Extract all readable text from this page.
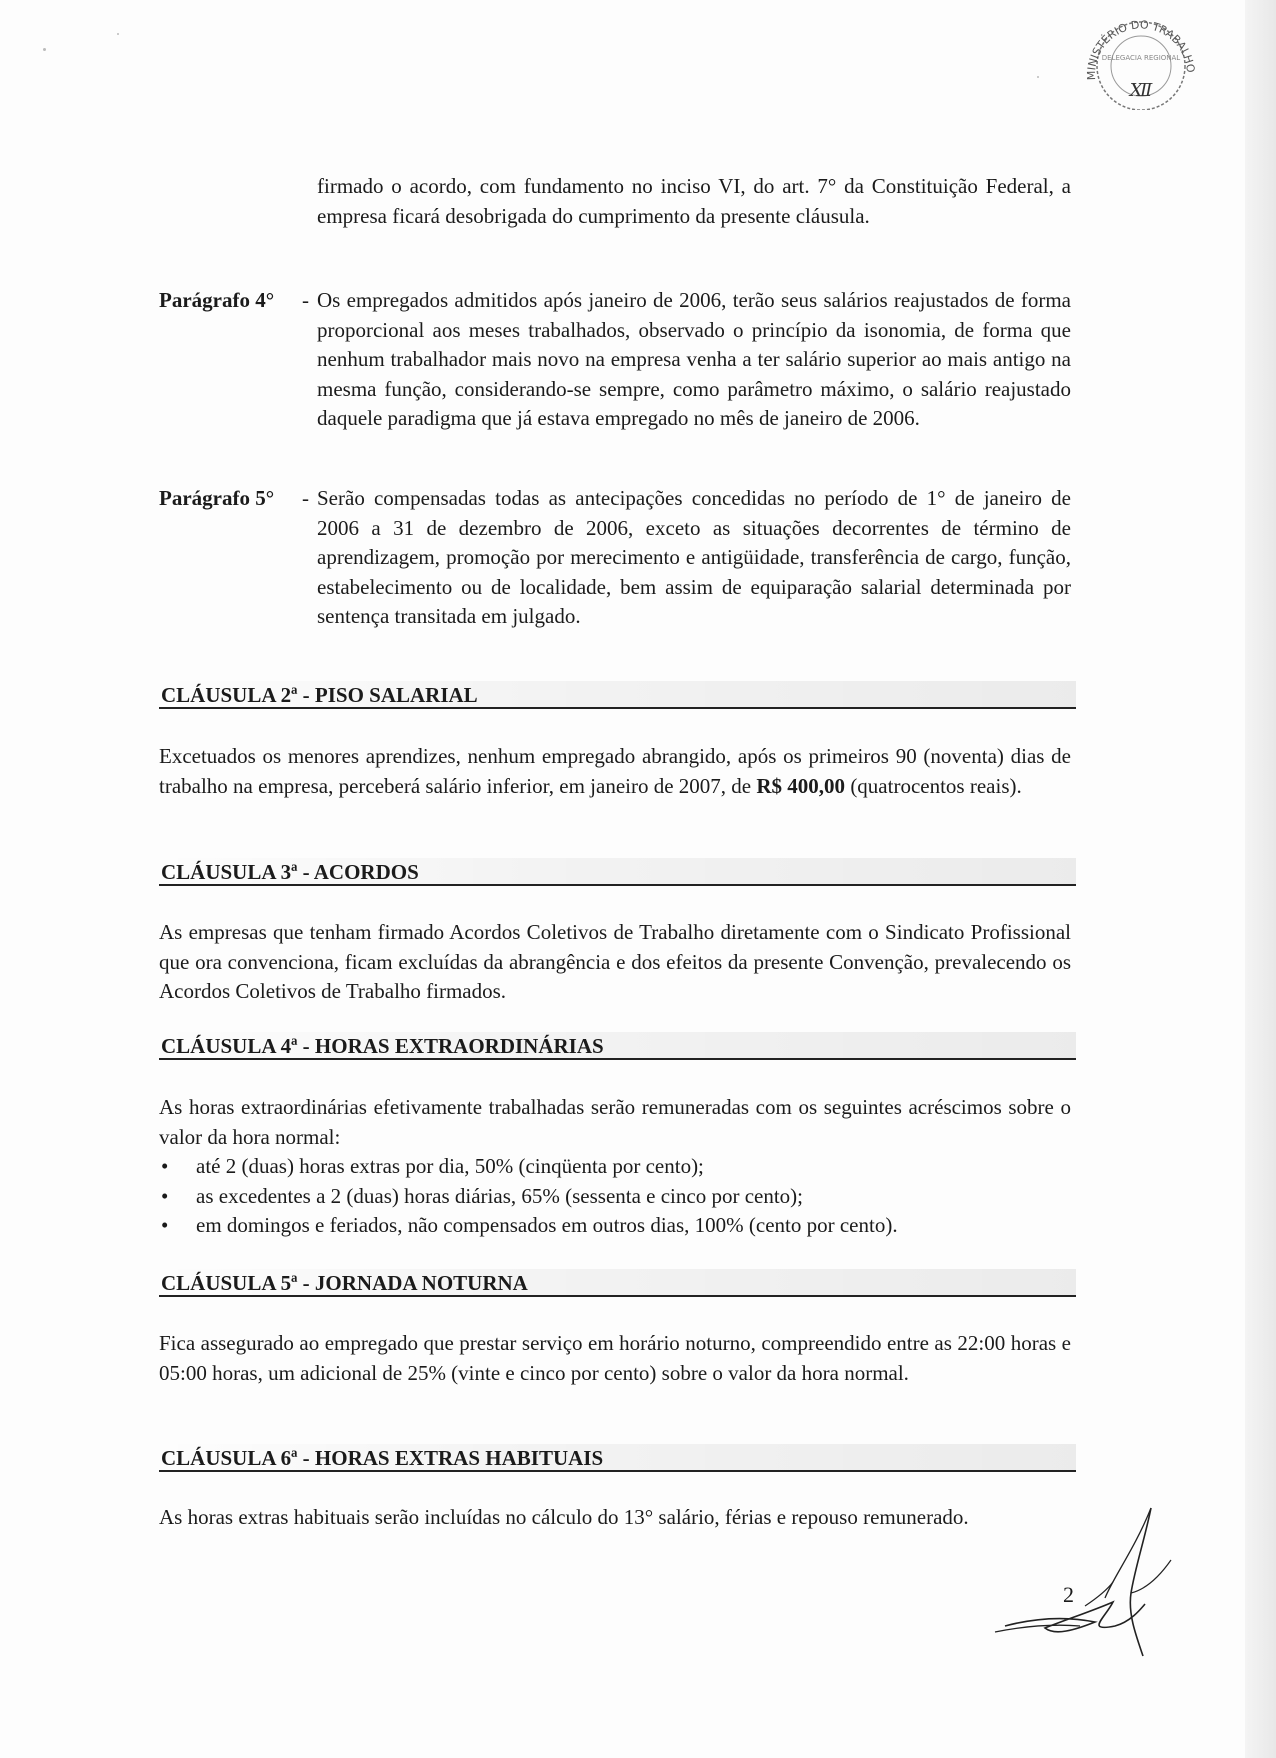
MINISTÉRIO DO TRABALHO
DELEGACIA REGIONAL
Ⅻ
firmado o acordo, com fundamento no inciso VI, do art. 7° da Constituição Federal, a empresa ficará desobrigada do cumprimento da presente cláusula.
Parágrafo 4° - Os empregados admitidos após janeiro de 2006, terão seus salários reajustados de forma proporcional aos meses trabalhados, observado o princípio da isonomia, de forma que nenhum trabalhador mais novo na empresa venha a ter salário superior ao mais antigo na mesma função, considerando-se sempre, como parâmetro máximo, o salário reajustado daquele paradigma que já estava empregado no mês de janeiro de 2006.
Parágrafo 5° - Serão compensadas todas as antecipações concedidas no período de 1° de janeiro de 2006 a 31 de dezembro de 2006, exceto as situações decorrentes de término de aprendizagem, promoção por merecimento e antigüidade, transferência de cargo, função, estabelecimento ou de localidade, bem assim de equiparação salarial determinada por sentença transitada em julgado.
CLÁUSULA 2ª - PISO SALARIAL
Excetuados os menores aprendizes, nenhum empregado abrangido, após os primeiros 90 (noventa) dias de trabalho na empresa, perceberá salário inferior, em janeiro de 2007, de R$ 400,00 (quatrocentos reais).
CLÁUSULA 3ª - ACORDOS
As empresas que tenham firmado Acordos Coletivos de Trabalho diretamente com o Sindicato Profissional que ora convenciona, ficam excluídas da abrangência e dos efeitos da presente Convenção, prevalecendo os Acordos Coletivos de Trabalho firmados.
CLÁUSULA 4ª - HORAS EXTRAORDINÁRIAS
As horas extraordinárias efetivamente trabalhadas serão remuneradas com os seguintes acréscimos sobre o valor da hora normal:
• até 2 (duas) horas extras por dia, 50% (cinqüenta por cento);
• as excedentes a 2 (duas) horas diárias, 65% (sessenta e cinco por cento);
• em domingos e feriados, não compensados em outros dias, 100% (cento por cento).
CLÁUSULA 5ª - JORNADA NOTURNA
Fica assegurado ao empregado que prestar serviço em horário noturno, compreendido entre as 22:00 horas e 05:00 horas, um adicional de 25% (vinte e cinco por cento) sobre o valor da hora normal.
CLÁUSULA 6ª - HORAS EXTRAS HABITUAIS
As horas extras habituais serão incluídas no cálculo do 13° salário, férias e repouso remunerado.
2
